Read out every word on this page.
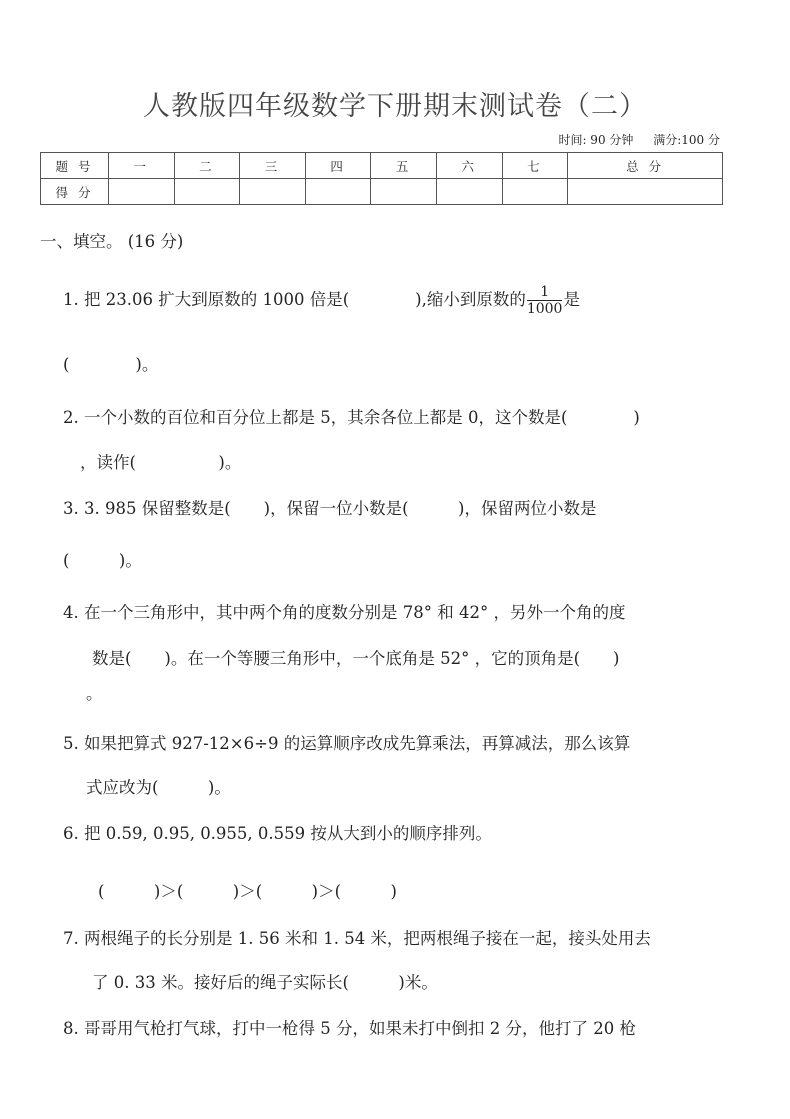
人教版四年级数学下册期末测试卷（二）
时间: 90 分钟 满分:100 分
题 号	一	二	三	四	五	六	七	总 分
得 分								
一、填空。 (16 分)
1. 把 23.06 扩大到原数的 1000 倍是(　　　　),缩小到原数的 $\frac{1}{1000}$ 是
(　　　　)。
2. 一个小数的百位和百分位上都是 5，其余各位上都是 0，这个数是(　　　　)
，读作(　　　　　)。
3. 3. 985 保留整数是(　　)，保留一位小数是(　　　)，保留两位小数是
(　　　)。
4. 在一个三角形中，其中两个角的度数分别是 78° 和 42° ，另外一个角的度
数是(　　)。在一个等腰三角形中，一个底角是 52° ，它的顶角是(　　)
。
5. 如果把算式 927-12×6÷9 的运算顺序改成先算乘法，再算减法，那么该算
式应改为(　　　)。
6. 把 0.59, 0.95, 0.955, 0.559 按从大到小的顺序排列。
(　　　)＞(　　　)＞(　　　)＞(　　　)
7. 两根绳子的长分别是 1. 56 米和 1. 54 米，把两根绳子接在一起，接头处用去
了 0. 33 米。接好后的绳子实际长(　　　)米。
8. 哥哥用气枪打气球，打中一枪得 5 分，如果未打中倒扣 2 分，他打了 20 枪
